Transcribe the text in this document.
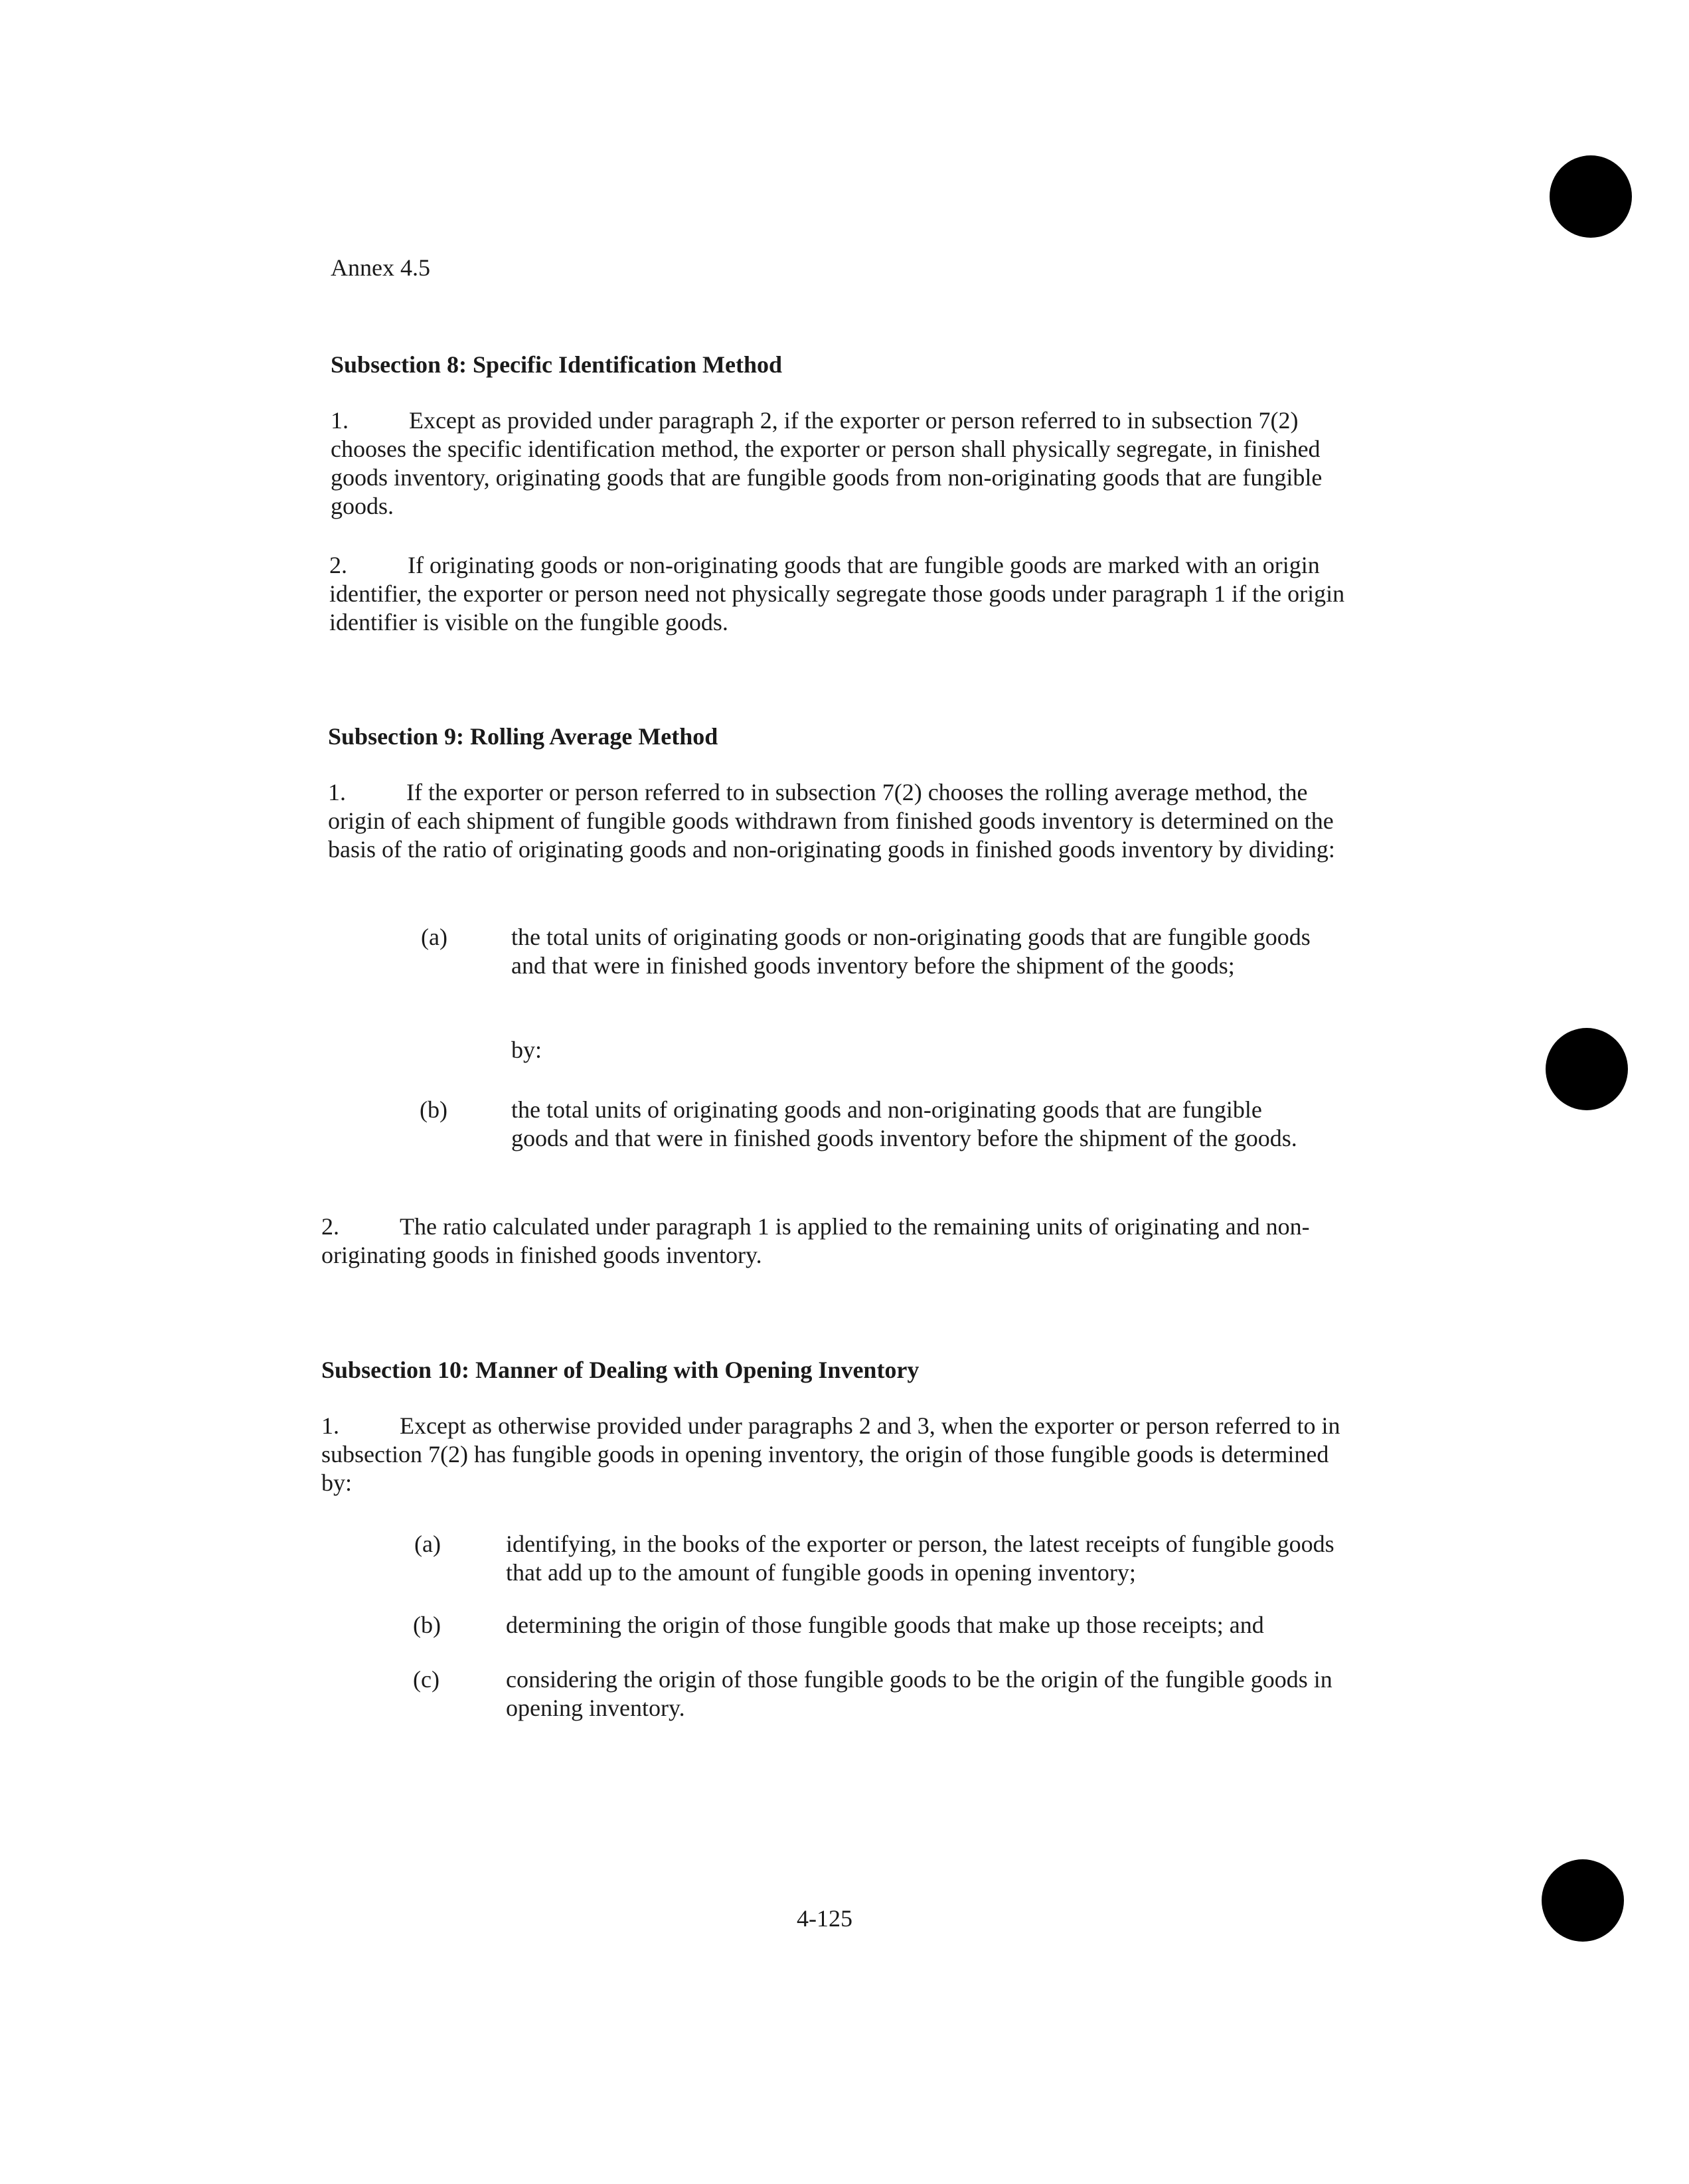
Annex 4.5
Subsection 8: Specific Identification Method

1.	Except as provided under paragraph 2, if the exporter or person referred to in subsection 7(2) chooses the specific identification method, the exporter or person shall physically segregate, in finished goods inventory, originating goods that are fungible goods from non-originating goods that are fungible goods.

2.	If originating goods or non-originating goods that are fungible goods are marked with an origin identifier, the exporter or person need not physically segregate those goods under paragraph 1 if the origin identifier is visible on the fungible goods.

Subsection 9: Rolling Average Method

1.	If the exporter or person referred to in subsection 7(2) chooses the rolling average method, the origin of each shipment of fungible goods withdrawn from finished goods inventory is determined on the basis of the ratio of originating goods and non-originating goods in finished goods inventory by dividing:

(a)	the total units of originating goods or non-originating goods that are fungible goods and that were in finished goods inventory before the shipment of the goods;
by:
(b)	the total units of originating goods and non-originating goods that are fungible goods and that were in finished goods inventory before the shipment of the goods.

2.	The ratio calculated under paragraph 1 is applied to the remaining units of originating and non-originating goods in finished goods inventory.

Subsection 10: Manner of Dealing with Opening Inventory

1.	Except as otherwise provided under paragraphs 2 and 3, when the exporter or person referred to in subsection 7(2) has fungible goods in opening inventory, the origin of those fungible goods is determined by:

(a)	identifying, in the books of the exporter or person, the latest receipts of fungible goods that add up to the amount of fungible goods in opening inventory;
(b)	determining the origin of those fungible goods that make up those receipts; and
(c)	considering the origin of those fungible goods to be the origin of the fungible goods in opening inventory.
4-125
